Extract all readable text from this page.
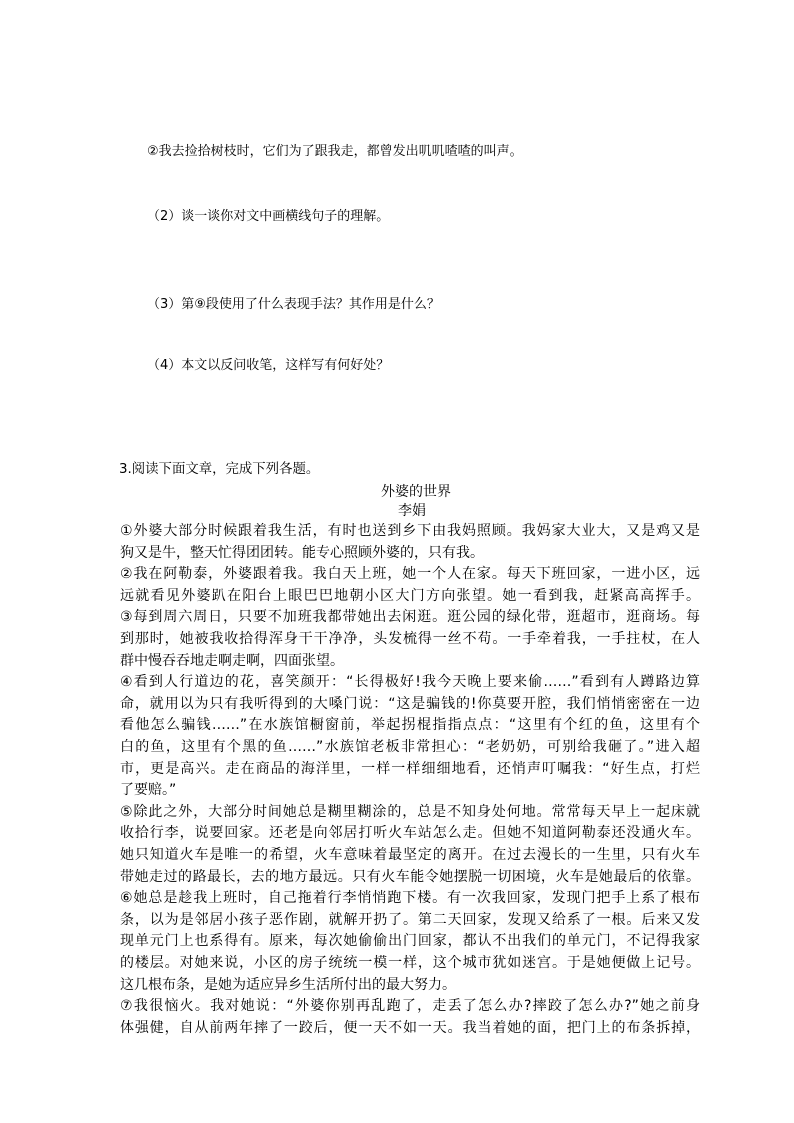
②我去捡拾树枝时，它们为了跟我走，都曾发出叽叽喳喳的叫声。
（2）谈一谈你对文中画横线句子的理解。
（3）第⑨段使用了什么表现手法？其作用是什么？
（4）本文以反问收笔，这样写有何好处？
3.阅读下面文章，完成下列各题。
外婆的世界
李娟
①外婆大部分时候跟着我生活，有时也送到乡下由我妈照顾。我妈家大业大，又是鸡又是
狗又是牛，整天忙得团团转。能专心照顾外婆的，只有我。
②我在阿勒泰，外婆跟着我。我白天上班，她一个人在家。每天下班回家，一进小区，远
远就看见外婆趴在阳台上眼巴巴地朝小区大门方向张望。她一看到我，赶紧高高挥手。
③每到周六周日，只要不加班我都带她出去闲逛。逛公园的绿化带，逛超市，逛商场。每
到那时，她被我收拾得浑身干干净净，头发梳得一丝不苟。一手牵着我，一手拄杖，在人
群中慢吞吞地走啊走啊，四面张望。
④看到人行道边的花，喜笑颜开：“长得极好!我今天晚上要来偷……”看到有人蹲路边算
命，就用以为只有我听得到的大嗓门说：“这是骗钱的!你莫要开腔，我们悄悄密密在一边
看他怎么骗钱……”在水族馆橱窗前，举起拐棍指指点点：“这里有个红的鱼，这里有个
白的鱼，这里有个黑的鱼……”水族馆老板非常担心：“老奶奶，可别给我砸了。”进入超
市，更是高兴。走在商品的海洋里，一样一样细细地看，还悄声叮嘱我：“好生点，打烂
了要赔。”
⑤除此之外，大部分时间她总是糊里糊涂的，总是不知身处何地。常常每天早上一起床就
收拾行李，说要回家。还老是向邻居打听火车站怎么走。但她不知道阿勒泰还没通火车。
她只知道火车是唯一的希望，火车意味着最坚定的离开。在过去漫长的一生里，只有火车
带她走过的路最长，去的地方最远。只有火车能令她摆脱一切困境，火车是她最后的依靠。
⑥她总是趁我上班时，自己拖着行李悄悄跑下楼。有一次我回家，发现门把手上系了根布
条，以为是邻居小孩子恶作剧，就解开扔了。第二天回家，发现又给系了一根。后来又发
现单元门上也系得有。原来，每次她偷偷出门回家，都认不出我们的单元门，不记得我家
的楼层。对她来说，小区的房子统统一模一样，这个城市犹如迷宫。于是她便做上记号。
这几根布条，是她为适应异乡生活所付出的最大努力。
⑦我很恼火。我对她说：“外婆你别再乱跑了，走丢了怎么办?摔跤了怎么办?”她之前身
体强健，自从前两年摔了一跤后，便一天不如一天。我当着她的面，把门上的布条拆掉，
